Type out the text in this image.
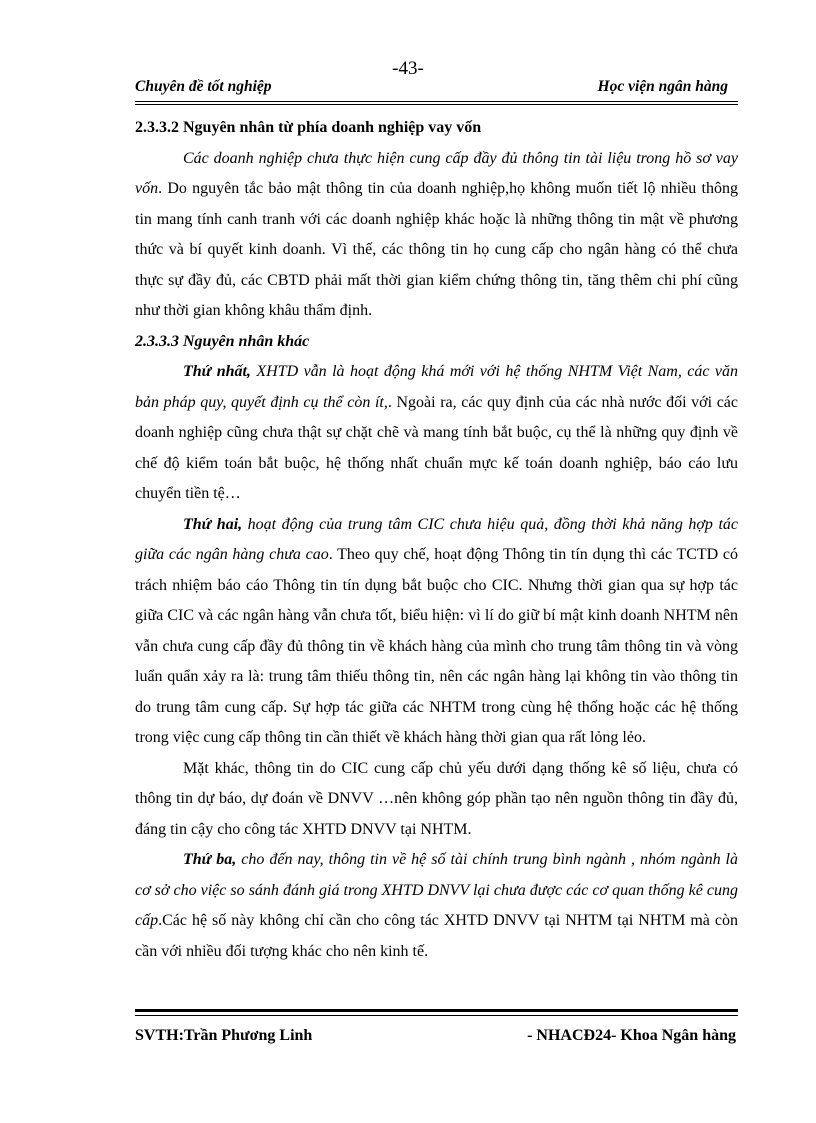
-43-
Chuyên đề tốt nghiệp	Học viện ngân hàng

2.3.3.2 Nguyên nhân từ phía doanh nghiệp vay vốn

Các doanh nghiệp chưa thực hiện cung cấp đầy đủ thông tin tài liệu trong hồ sơ vay vốn. Do nguyên tắc bảo mật thông tin của doanh nghiệp,họ không muốn tiết lộ nhiều thông tin mang tính canh tranh với các doanh nghiệp khác hoặc là những thông tin mật về phương thức và bí quyết kinh doanh. Vì thế, các thông tin họ cung cấp cho ngân hàng có thể chưa thực sự đầy đủ, các CBTD phải mất thời gian kiểm chứng thông tin, tăng thêm chi phí cũng như thời gian không khâu thẩm định.

2.3.3.3 Nguyên nhân khác

Thứ nhất, XHTD vẫn là hoạt động khá mới với hệ thống NHTM Việt Nam, các văn bản pháp quy, quyết định cụ thể còn ít,. Ngoài ra, các quy định của các nhà nước đối với các doanh nghiệp cũng chưa thật sự chặt chẽ và mang tính bắt buộc, cụ thể là những quy định về chế độ kiểm toán bắt buộc, hệ thống nhất chuẩn mực kế toán doanh nghiệp, báo cáo lưu chuyển tiền tệ…

Thứ hai, hoạt động của trung tâm CIC chưa hiệu quả, đồng thời khả năng hợp tác giữa các ngân hàng chưa cao. Theo quy chế, hoạt động Thông tin tín dụng thì các TCTD có trách nhiệm báo cáo Thông tin tín dụng bắt buộc cho CIC. Nhưng thời gian qua sự hợp tác giữa CIC và các ngân hàng vẫn chưa tốt, biểu hiện: vì lí do giữ bí mật kinh doanh NHTM nên vẫn chưa cung cấp đầy đủ thông tin về khách hàng của mình cho trung tâm thông tin và vòng luẩn quẩn xảy ra là: trung tâm thiếu thông tin, nên các ngân hàng lại không tin vào thông tin do trung tâm cung cấp. Sự hợp tác giữa các NHTM trong cùng hệ thống hoặc các hệ thống trong việc cung cấp thông tin cần thiết về khách hàng thời gian qua rất lỏng lẻo.

Mặt khác, thông tin do CIC cung cấp chủ yếu dưới dạng thống kê số liệu, chưa có thông tin dự báo, dự đoán về DNVV …nên không góp phần tạo nên nguồn thông tin đầy đủ, đáng tin cậy cho công tác XHTD DNVV tại NHTM.

Thứ ba, cho đến nay, thông tin về hệ số tài chính trung bình ngành , nhóm ngành là cơ sở cho việc so sánh đánh giá trong XHTD DNVV lại chưa được các cơ quan thống kê cung cấp.Các hệ số này không chỉ cần cho công tác XHTD DNVV tại NHTM tại NHTM mà còn cần với nhiều đối tượng khác cho nên kinh tế.

SVTH:Trần Phương Linh	- NHACĐ24- Khoa Ngân hàng
